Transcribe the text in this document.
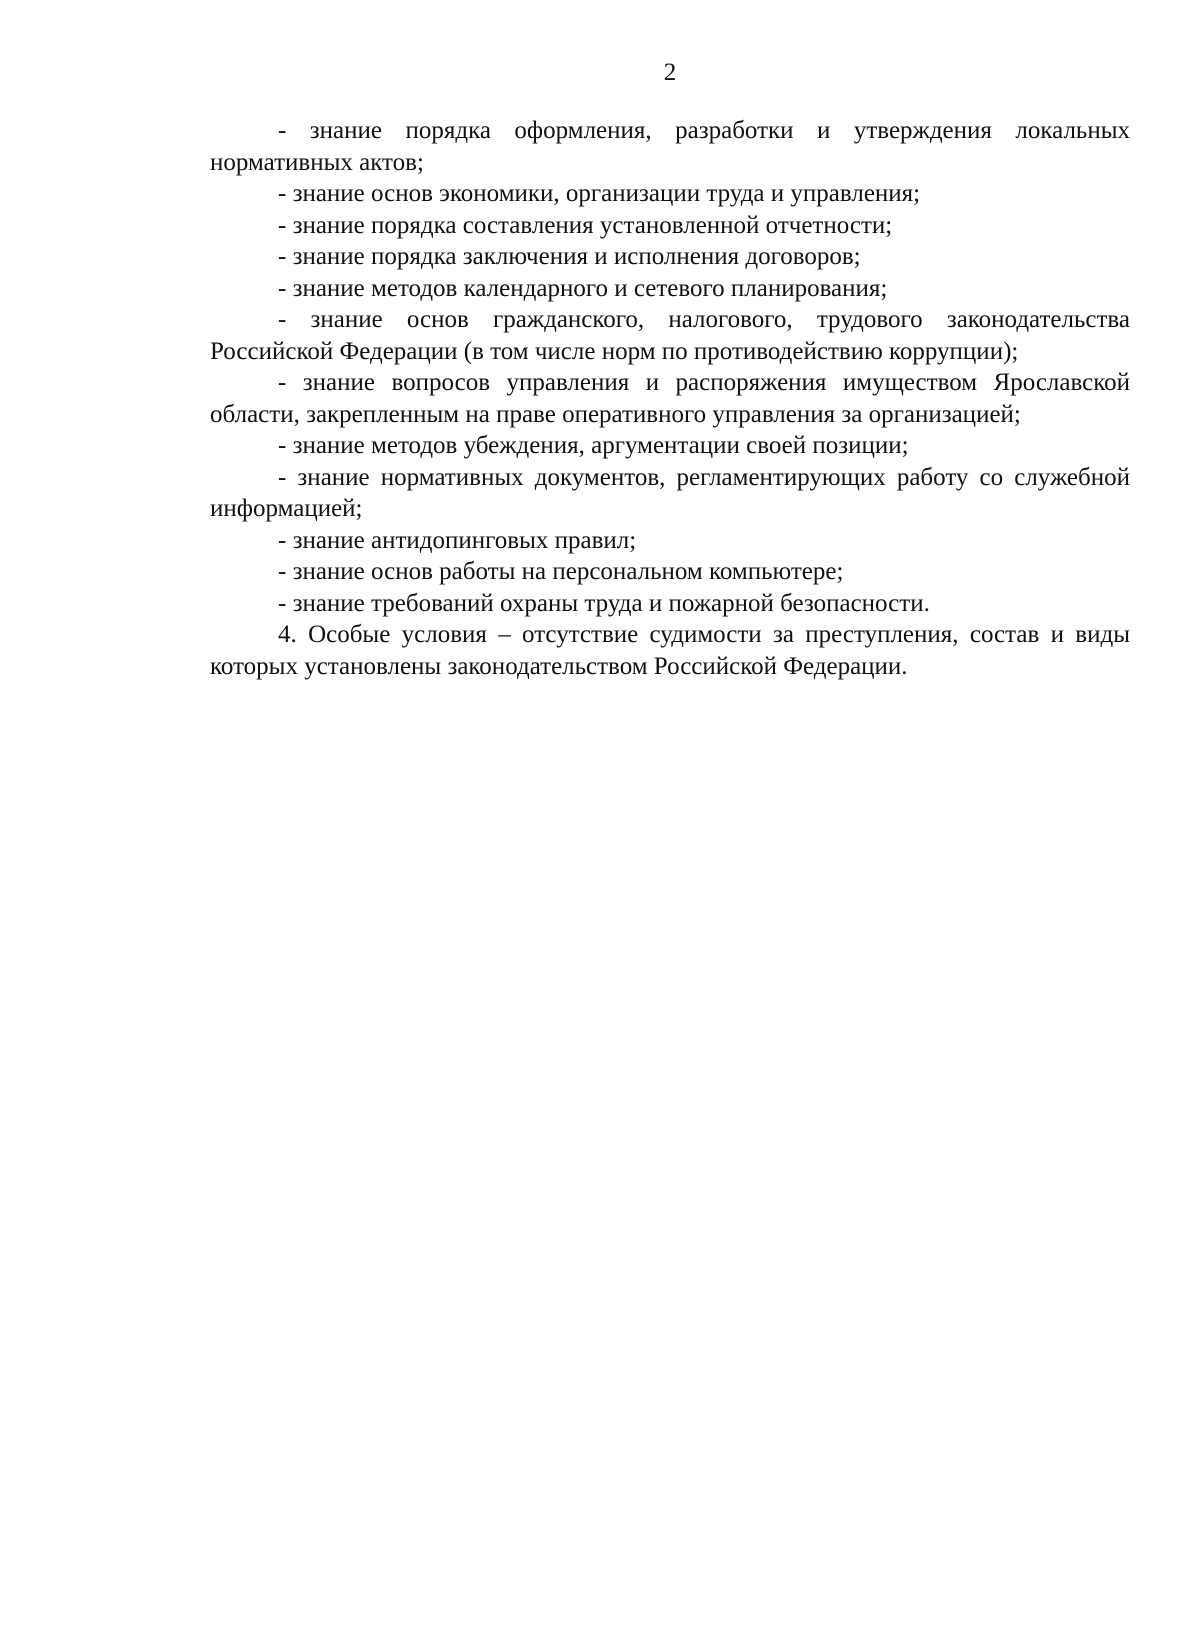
2

- знание порядка оформления, разработки и утверждения локальных нормативных актов;

- знание основ экономики, организации труда и управления;

- знание порядка составления установленной отчетности;

- знание порядка заключения и исполнения договоров;

- знание методов календарного и сетевого планирования;

- знание основ гражданского, налогового, трудового законодательства Российской Федерации (в том числе норм по противодействию коррупции);

- знание вопросов управления и распоряжения имуществом Ярославской области, закрепленным на праве оперативного управления за организацией;

- знание методов убеждения, аргументации своей позиции;

- знание нормативных документов, регламентирующих работу со служебной информацией;

- знание антидопинговых правил;

- знание основ работы на персональном компьютере;

- знание требований охраны труда и пожарной безопасности.

4. Особые условия – отсутствие судимости за преступления, состав и виды которых установлены законодательством Российской Федерации.
